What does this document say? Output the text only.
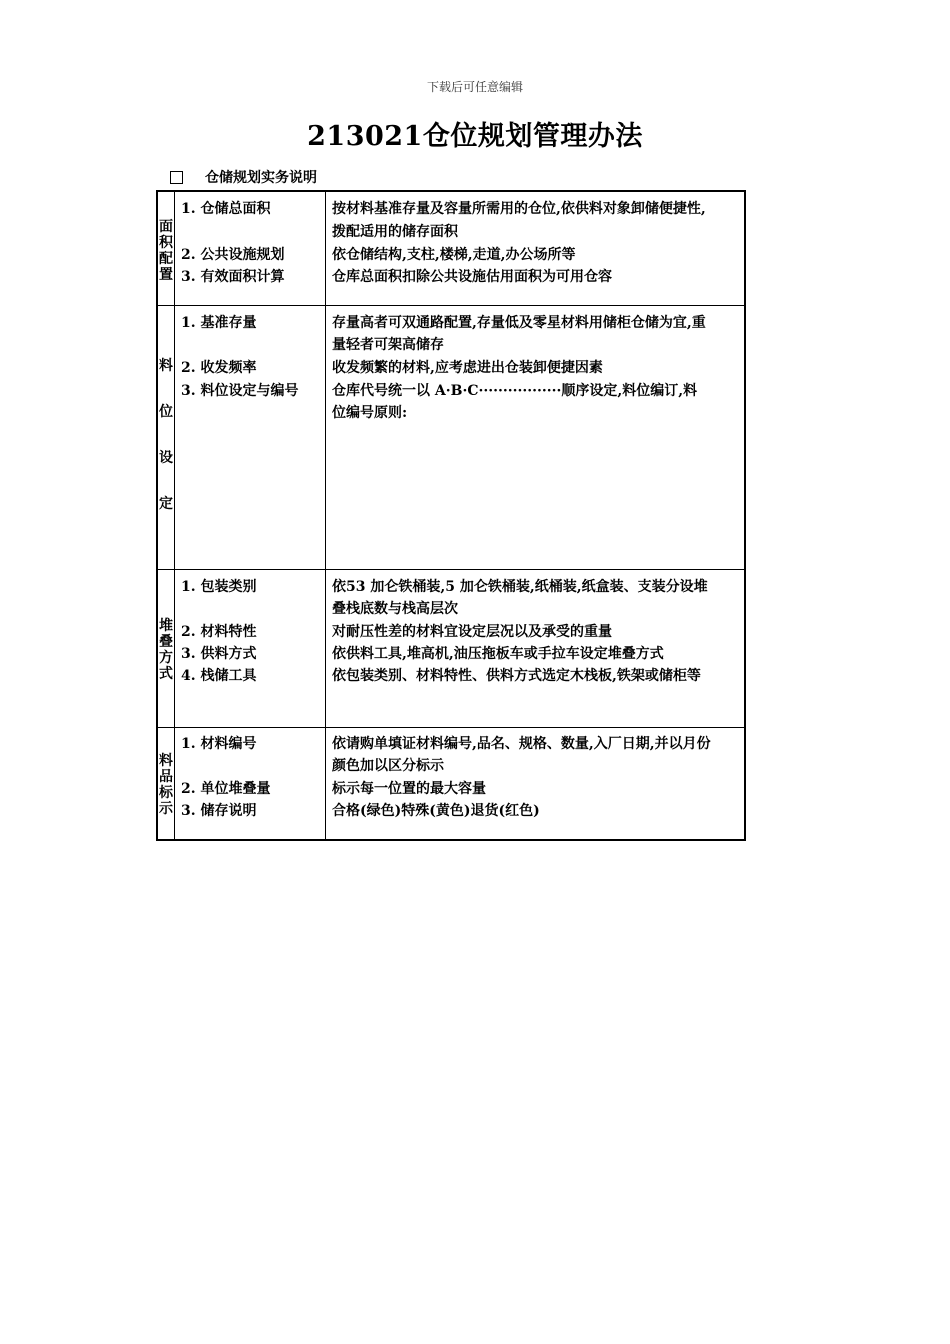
下载后可任意编辑
213021仓位规划管理办法
仓储规划实务说明
面积配置
1. 仓储总面积
2. 公共设施规划
3. 有效面积计算
按材料基准存量及容量所需用的仓位,依供料对象卸储便捷性,
拨配适用的储存面积
依仓储结构,支柱,楼梯,走道,办公场所等
仓库总面积扣除公共设施估用面积为可用仓容
料位设定
1. 基准存量
2. 收发频率
3. 料位设定与编号
存量高者可双通路配置,存量低及零星材料用储柜仓储为宜,重
量轻者可架高储存
收发频繁的材料,应考虑进出仓装卸便捷因素
仓库代号统一以 A·B·C·················顺序设定,料位编订,料
位编号原则:
堆叠方式
1. 包装类别
2. 材料特性
3. 供料方式
4. 栈储工具
依53 加仑铁桶装,5 加仑铁桶装,纸桶装,纸盒装、支装分设堆
叠栈底数与栈高层次
对耐压性差的材料宜设定层况以及承受的重量
依供料工具,堆高机,油压拖板车或手拉车设定堆叠方式
依包装类别、材料特性、供料方式选定木栈板,铁架或储柜等
料品标示
1. 材料编号
2. 单位堆叠量
3. 储存说明
依请购单填证材料编号,品名、规格、数量,入厂日期,并以月份
颜色加以区分标示
标示每一位置的最大容量
合格(绿色)特殊(黄色)退货(红色)
